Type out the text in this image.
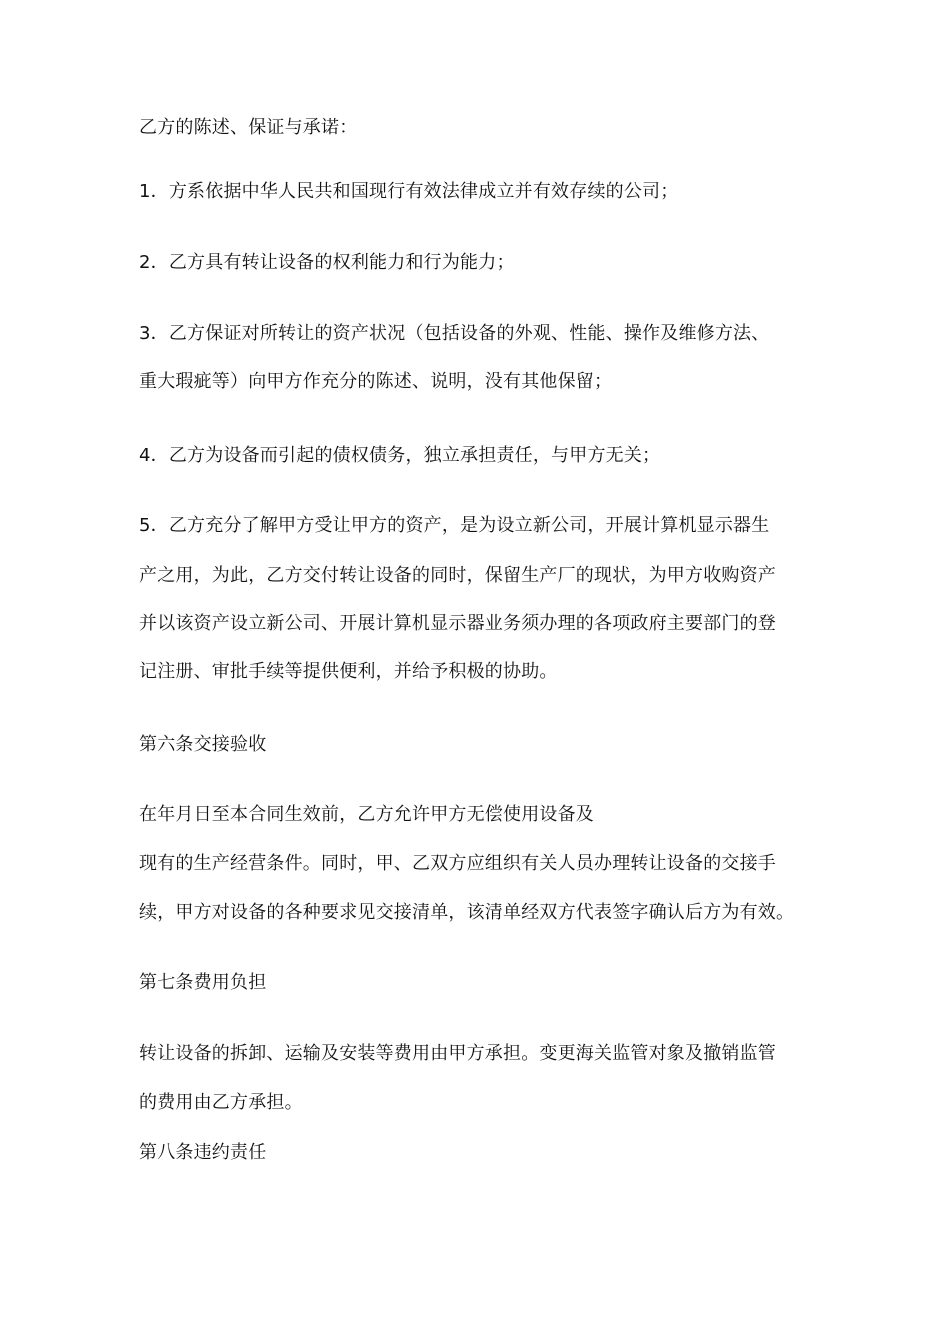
乙方的陈述、保证与承诺：
1．方系依据中华人民共和国现行有效法律成立并有效存续的公司；
2．乙方具有转让设备的权利能力和行为能力；
3．乙方保证对所转让的资产状况（包括设备的外观、性能、操作及维修方法、
重大瑕疵等）向甲方作充分的陈述、说明，没有其他保留；
4．乙方为设备而引起的债权债务，独立承担责任，与甲方无关；
5．乙方充分了解甲方受让甲方的资产，是为设立新公司，开展计算机显示器生
产之用，为此，乙方交付转让设备的同时，保留生产厂的现状，为甲方收购资产
并以该资产设立新公司、开展计算机显示器业务须办理的各项政府主要部门的登
记注册、审批手续等提供便利，并给予积极的协助。
第六条交接验收
在年月日至本合同生效前，乙方允许甲方无偿使用设备及
现有的生产经营条件。同时，甲、乙双方应组织有关人员办理转让设备的交接手
续，甲方对设备的各种要求见交接清单，该清单经双方代表签字确认后方为有效。
第七条费用负担
转让设备的拆卸、运输及安装等费用由甲方承担。变更海关监管对象及撤销监管
的费用由乙方承担。
第八条违约责任
